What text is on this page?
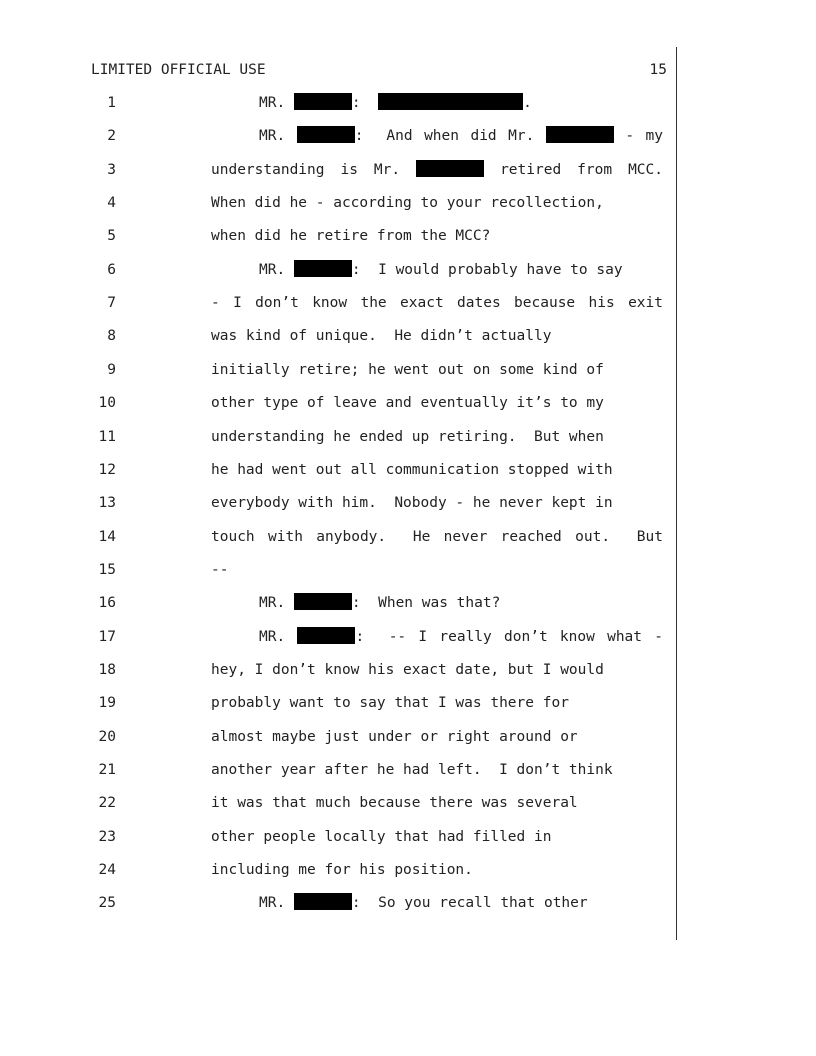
LIMITED OFFICIAL USE	15
1	MR.	:	.
2	MR.	:  And when did Mr.	- my
3	understanding is Mr.	retired from MCC.
4	When did he - according to your recollection,
5	when did he retire from the MCC?
6	MR.	:  I would probably have to say
7	- I don’t know the exact dates because his exit
8	was kind of unique.  He didn’t actually
9	initially retire; he went out on some kind of
10	other type of leave and eventually it’s to my
11	understanding he ended up retiring.  But when
12	he had went out all communication stopped with
13	everybody with him.  Nobody - he never kept in
14	touch with anybody.  He never reached out.  But
15	--
16	MR.	:  When was that?
17	MR.	:  -- I really don’t know what -
18	hey, I don’t know his exact date, but I would
19	probably want to say that I was there for
20	almost maybe just under or right around or
21	another year after he had left.  I don’t think
22	it was that much because there was several
23	other people locally that had filled in
24	including me for his position.
25	MR.	:  So you recall that other
